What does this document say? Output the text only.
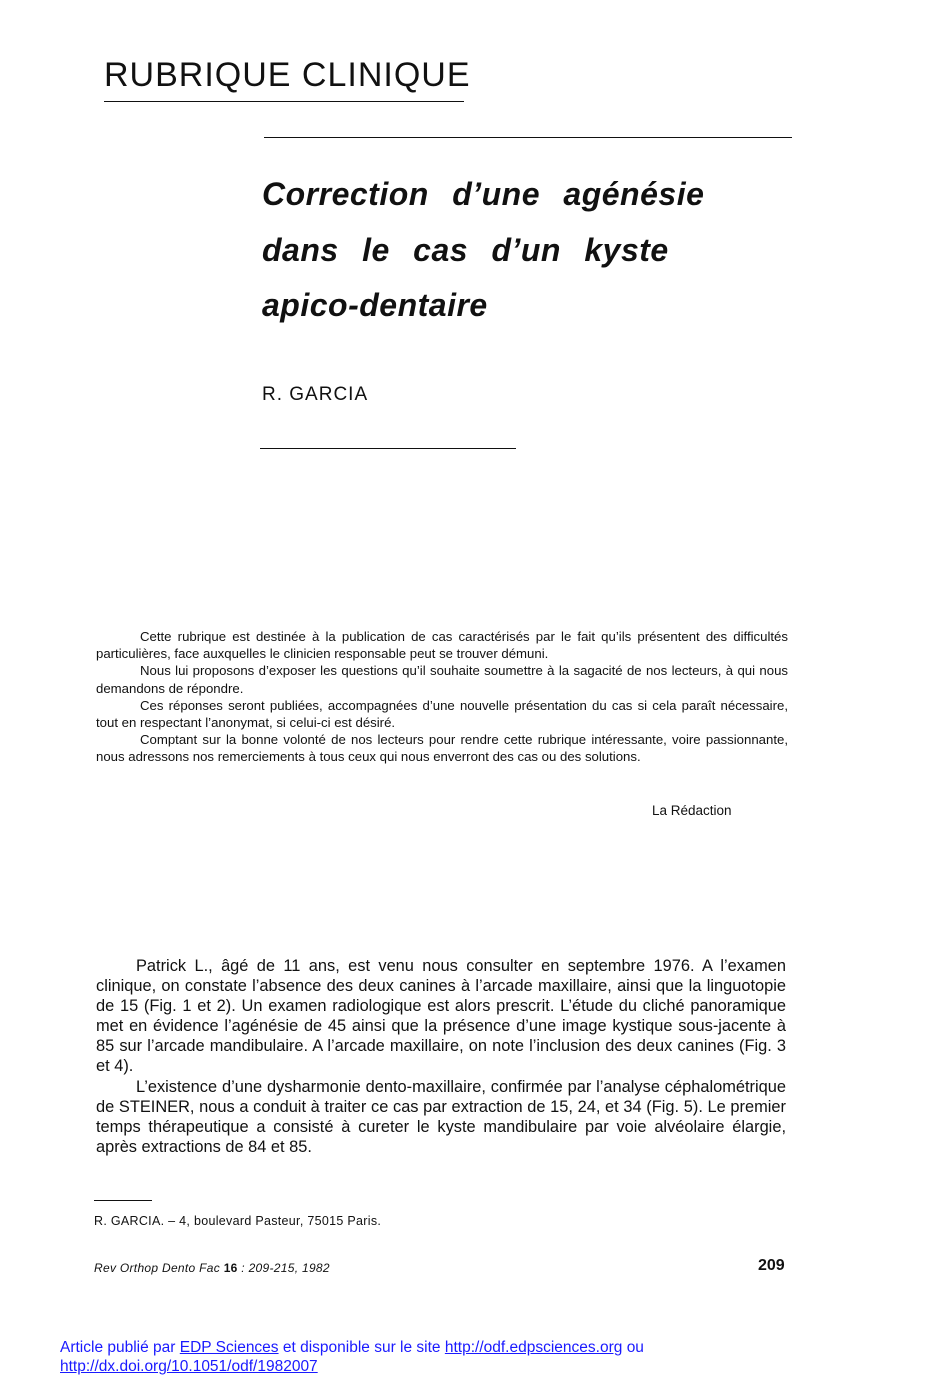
RUBRIQUE CLINIQUE
Correction d’une agénésie
dans le cas d’un kyste
apico-dentaire
R. GARCIA

Cette rubrique est destinée à la publication de cas caractérisés par le fait qu’ils présentent des difficultés particulières, face auxquelles le clinicien responsable peut se trouver démuni.

Nous lui proposons d’exposer les questions qu’il souhaite soumettre à la sagacité de nos lecteurs, à qui nous demandons de répondre.

Ces réponses seront publiées, accompagnées d’une nouvelle présentation du cas si cela paraît nécessaire, tout en respectant l’anonymat, si celui-ci est désiré.

Comptant sur la bonne volonté de nos lecteurs pour rendre cette rubrique intéressante, voire passionnante, nous adressons nos remerciements à tous ceux qui nous enverront des cas ou des solutions.

La Rédaction

Patrick L., âgé de 11 ans, est venu nous consulter en septembre 1976. A l’examen clinique, on constate l’absence des deux canines à l’arcade maxillaire, ainsi que la linguotopie de 15 (Fig. 1 et 2). Un examen radiologique est alors prescrit. L’étude du cliché panoramique met en évidence l’agénésie de 45 ainsi que la présence d’une image kystique sous-jacente à 85 sur l’arcade mandibulaire. A l’arcade maxillaire, on note l’inclusion des deux canines (Fig. 3 et 4).

L’existence d’une dysharmonie dento-maxillaire, confirmée par l’analyse céphalométrique de STEINER, nous a conduit à traiter ce cas par extraction de 15, 24, et 34 (Fig. 5). Le premier temps thérapeutique a consisté à cureter le kyste mandibulaire par voie alvéolaire élargie, après extractions de 84 et 85.

R. GARCIA. – 4, boulevard Pasteur, 75015 Paris.
Rev Orthop Dento Fac 16 : 209-215, 1982	209
Article publié par EDP Sciences et disponible sur le site http://odf.edpsciences.org ou
http://dx.doi.org/10.1051/odf/1982007
